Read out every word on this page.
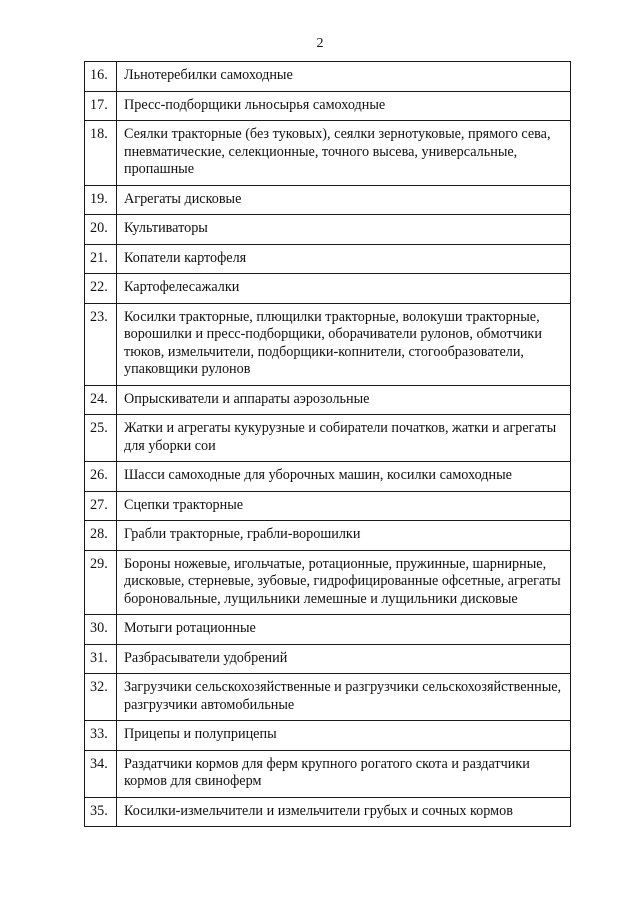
2
16.	Льнотеребилки самоходные
17.	Пресс-подборщики льносырья самоходные
18.	Сеялки тракторные (без туковых), сеялки зернотуковые, прямого сева, пневматические, селекционные, точного высева, универсальные, пропашные
19.	Агрегаты дисковые
20.	Культиваторы
21.	Копатели картофеля
22.	Картофелесажалки
23.	Косилки тракторные, плющилки тракторные, волокуши тракторные, ворошилки и пресс-подборщики, оборачиватели рулонов, обмотчики тюков, измельчители, подборщики-копнители, стогообразователи, упаковщики рулонов
24.	Опрыскиватели и аппараты аэрозольные
25.	Жатки и агрегаты кукурузные и собиратели початков, жатки и агрегаты для уборки сои
26.	Шасси самоходные для уборочных машин, косилки самоходные
27.	Сцепки тракторные
28.	Грабли тракторные, грабли-ворошилки
29.	Бороны ножевые, игольчатые, ротационные, пружинные, шарнирные, дисковые, стерневые, зубовые, гидрофицированные офсетные, агрегаты бороновальные, лущильники лемешные и лущильники дисковые
30.	Мотыги ротационные
31.	Разбрасыватели удобрений
32.	Загрузчики сельскохозяйственные и разгрузчики сельскохозяйственные, разгрузчики автомобильные
33.	Прицепы и полуприцепы
34.	Раздатчики кормов для ферм крупного рогатого скота и раздатчики кормов для свиноферм
35.	Косилки-измельчители и измельчители грубых и сочных кормов
